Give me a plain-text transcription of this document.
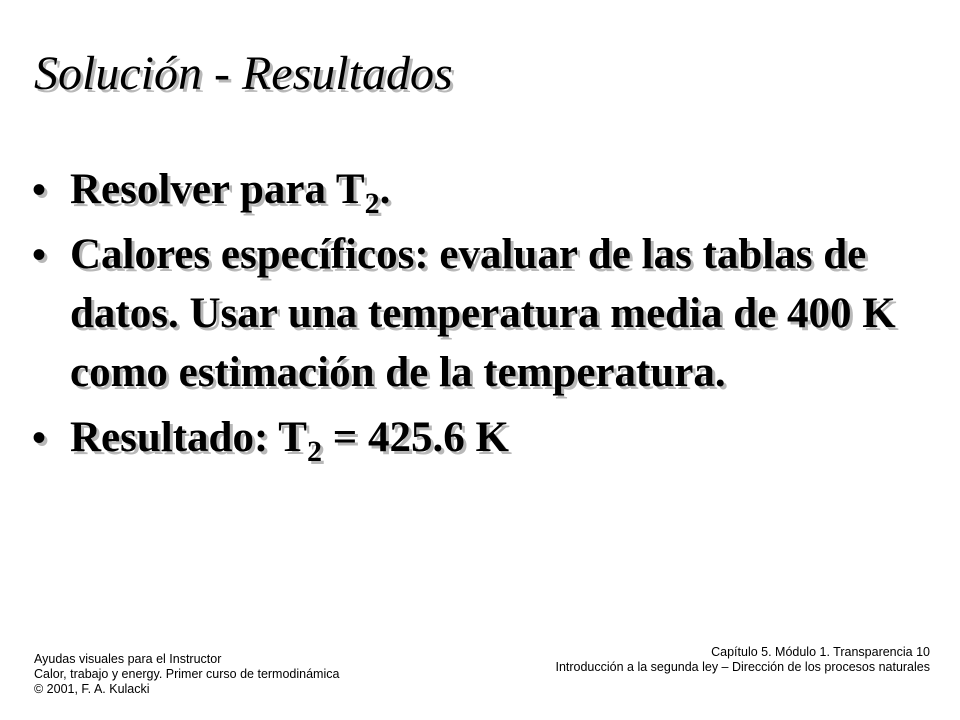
Solución - Resultados
• Resolver para $T_2$.
• Calores específicos: evaluar de las tablas de datos. Usar una temperatura media de 400 K como estimación de la temperatura.
• Resultado: $T_2 = 425.6$ K
Ayudas visuales para el Instructor
Calor, trabajo y energy. Primer curso de termodinámica
© 2001, F. A. Kulacki
Capítulo 5. Módulo 1. Transparencia 10
Introducción a la segunda ley – Dirección de los procesos naturales
